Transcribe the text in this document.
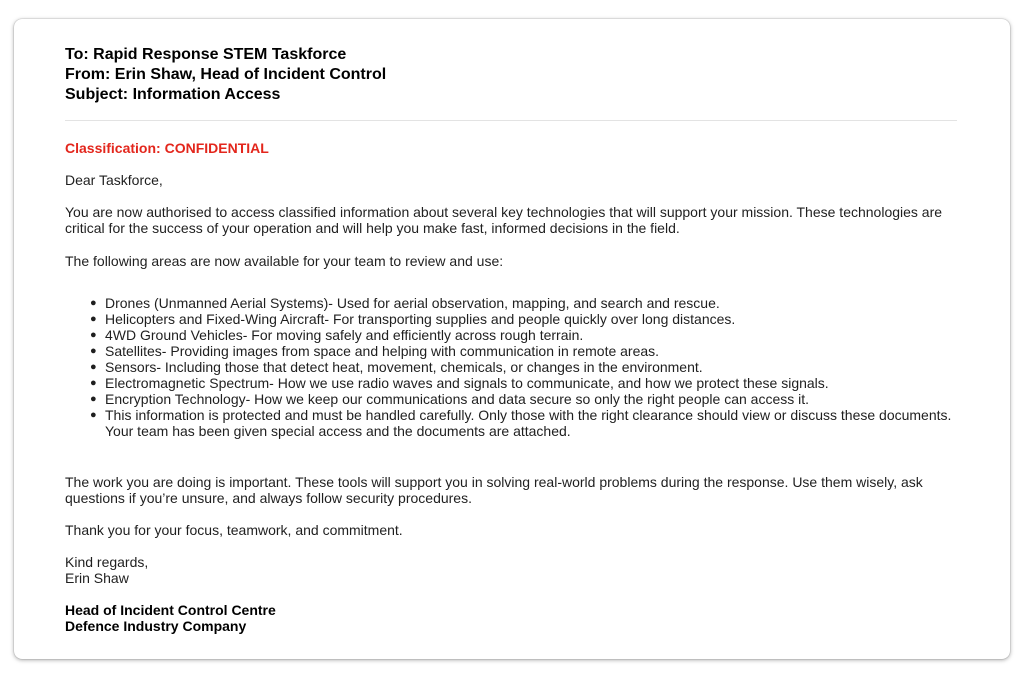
To: Rapid Response STEM Taskforce
From: Erin Shaw, Head of Incident Control
Subject: Information Access

Classification: CONFIDENTIAL

Dear Taskforce,

You are now authorised to access classified information about several key technologies that will support your mission. These technologies are critical for the success of your operation and will help you make fast, informed decisions in the field.

The following areas are now available for your team to review and use:

● Drones (Unmanned Aerial Systems)- Used for aerial observation, mapping, and search and rescue.
● Helicopters and Fixed-Wing Aircraft- For transporting supplies and people quickly over long distances.
● 4WD Ground Vehicles- For moving safely and efficiently across rough terrain.
● Satellites- Providing images from space and helping with communication in remote areas.
● Sensors- Including those that detect heat, movement, chemicals, or changes in the environment.
● Electromagnetic Spectrum- How we use radio waves and signals to communicate, and how we protect these signals.
● Encryption Technology- How we keep our communications and data secure so only the right people can access it.
● This information is protected and must be handled carefully. Only those with the right clearance should view or discuss these documents. Your team has been given special access and the documents are attached.

The work you are doing is important. These tools will support you in solving real-world problems during the response. Use them wisely, ask questions if you’re unsure, and always follow security procedures.

Thank you for your focus, teamwork, and commitment.

Kind regards,

Erin Shaw

Head of Incident Control Centre

Defence Industry Company
